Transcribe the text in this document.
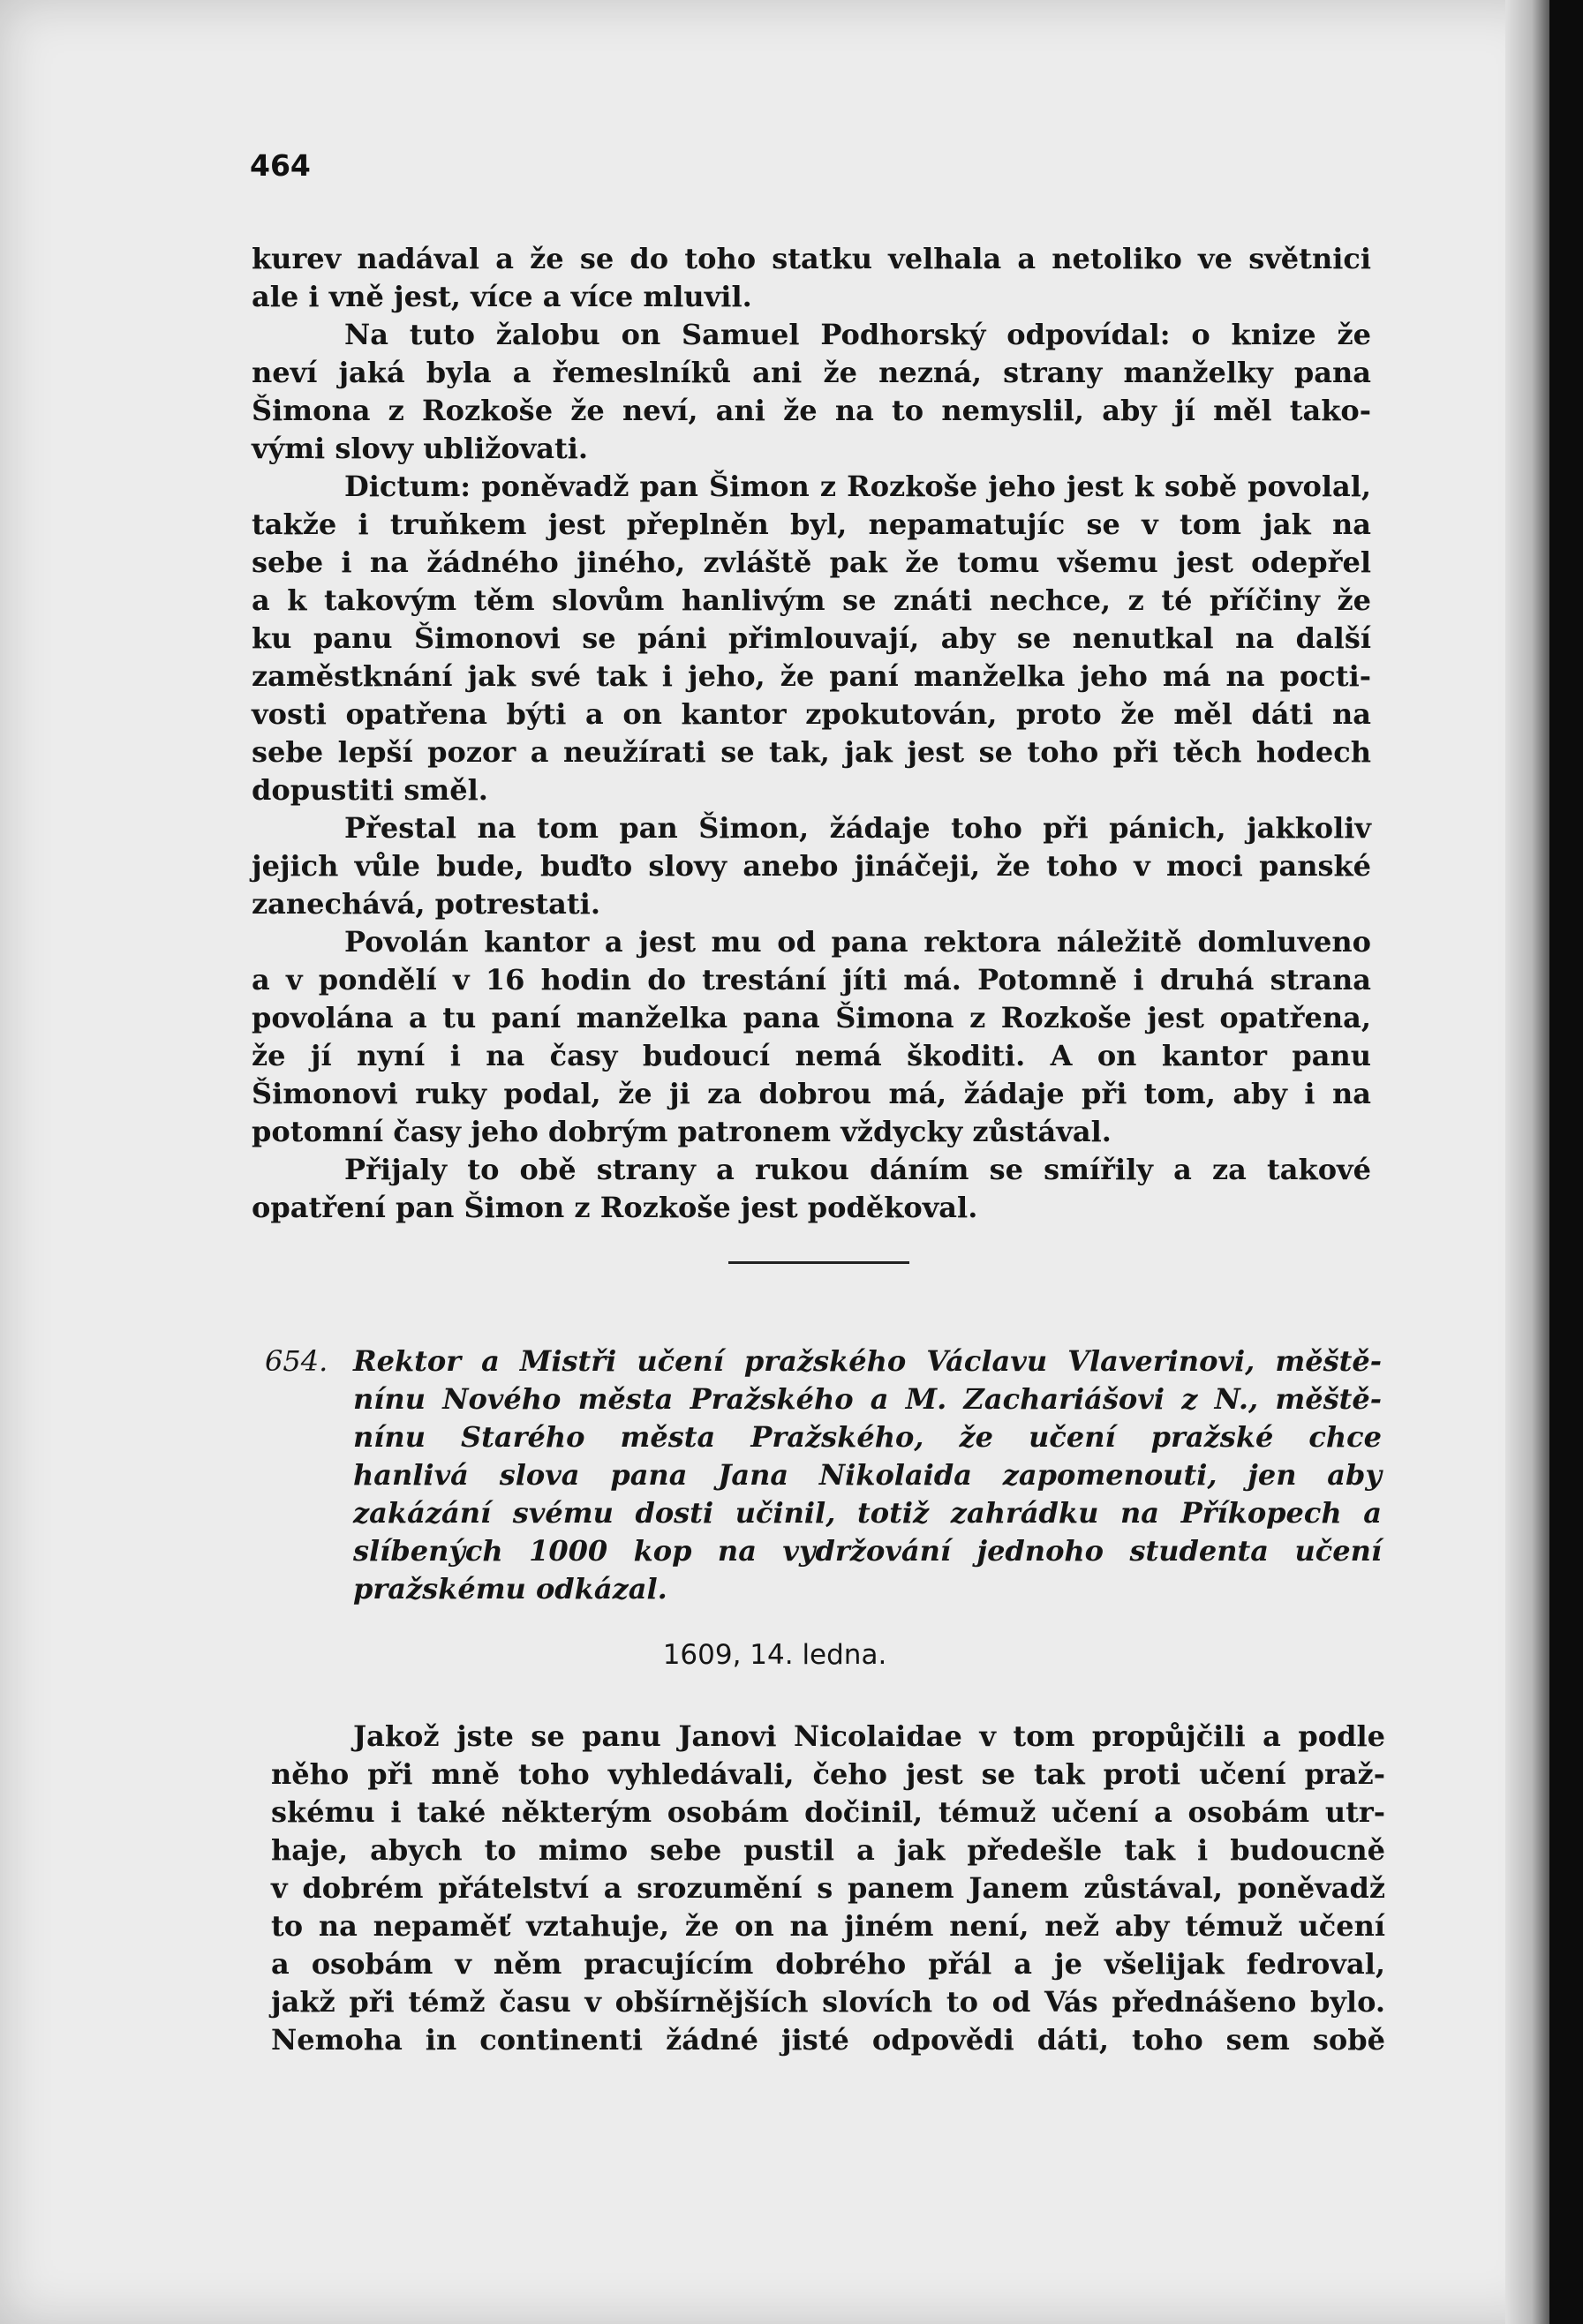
464
kurev nadával a že se do toho statku velhala a netoliko ve světnici
ale i vně jest, více a více mluvil.
Na tuto žalobu on Samuel Podhorský odpovídal: o knize že
neví jaká byla a řemeslníků ani že nezná, strany manželky pana
Šimona z Rozkoše že neví, ani že na to nemyslil, aby jí měl tako-
vými slovy ubližovati.
Dictum: poněvadž pan Šimon z Rozkoše jeho jest k sobě povolal,
takže i truňkem jest přeplněn byl, nepamatujíc se v tom jak na
sebe i na žádného jiného, zvláště pak že tomu všemu jest odepřel
a k takovým těm slovům hanlivým se znáti nechce, z té příčiny že
ku panu Šimonovi se páni přimlouvají, aby se nenutkal na další
zaměstknání jak své tak i jeho, že paní manželka jeho má na pocti-
vosti opatřena býti a on kantor zpokutován, proto že měl dáti na
sebe lepší pozor a neužírati se tak, jak jest se toho při těch hodech
dopustiti směl.
Přestal na tom pan Šimon, žádaje toho při pánich, jakkoliv
jejich vůle bude, buďto slovy anebo jináčeji, že toho v moci panské
zanechává, potrestati.
Povolán kantor a jest mu od pana rektora náležitě domluveno
a v pondělí v 16 hodin do trestání jíti má. Potomně i druhá strana
povolána a tu paní manželka pana Šimona z Rozkoše jest opatřena,
že jí nyní i na časy budoucí nemá škoditi. A on kantor panu
Šimonovi ruky podal, že ji za dobrou má, žádaje při tom, aby i na
potomní časy jeho dobrým patronem vždycky zůstával.
Přijaly to obě strany a rukou dáním se smířily a za takové
opatření pan Šimon z Rozkoše jest poděkoval.
654. Rektor a Mistři učení pražského Václavu Vlaverinovi, měště-
nínu Nového města Pražského a M. Zachariášovi z N., měště-
nínu Starého města Pražského, že učení pražské chce
hanlivá slova pana Jana Nikolaida zapomenouti, jen aby
zakázání svému dosti učinil, totiž zahrádku na Příkopech a
slíbených 1000 kop na vydržování jednoho studenta učení
pražskému odkázal.
1609, 14. ledna.
Jakož jste se panu Janovi Nicolaidae v tom propůjčili a podle
něho při mně toho vyhledávali, čeho jest se tak proti učení praž-
skému i také některým osobám dočinil, témuž učení a osobám utr-
haje, abych to mimo sebe pustil a jak předešle tak i budoucně
v dobrém přátelství a srozumění s panem Janem zůstával, poněvadž
to na nepaměť vztahuje, že on na jiném není, než aby témuž učení
a osobám v něm pracujícím dobrého přál a je všelijak fedroval,
jakž při témž času v obšírnějších slovích to od Vás přednášeno bylo.
Nemoha in continenti žádné jisté odpovědi dáti, toho sem sobě
